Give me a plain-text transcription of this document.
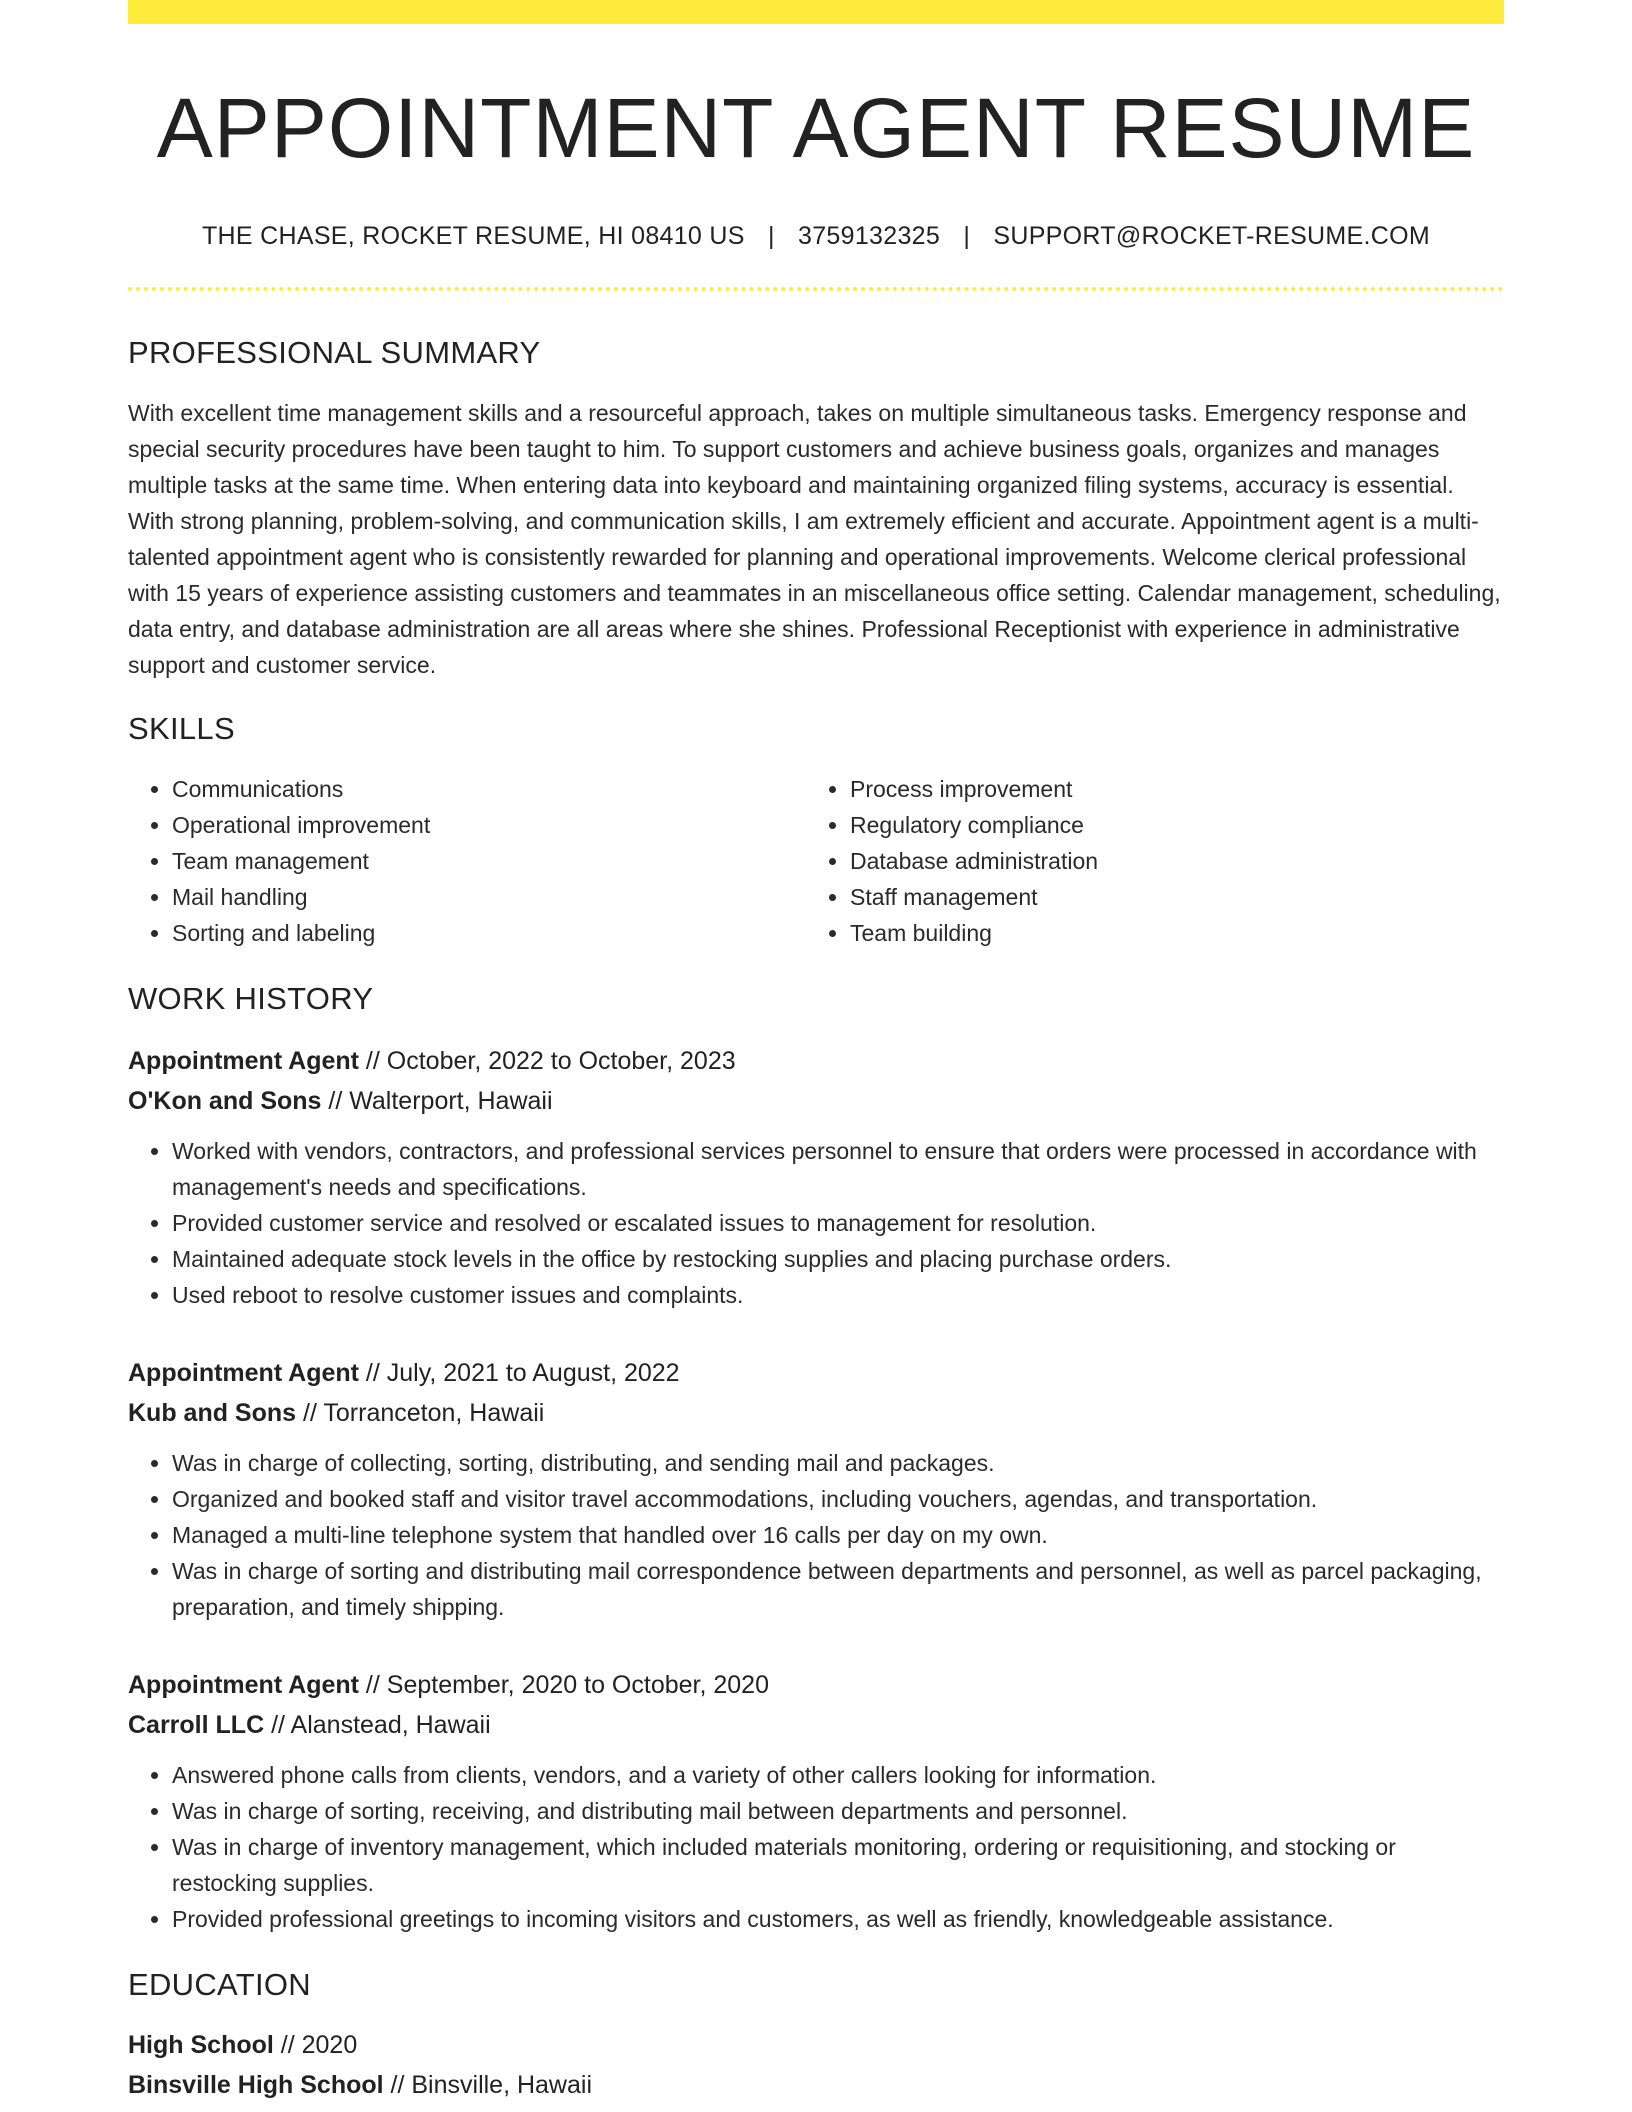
APPOINTMENT AGENT RESUME
THE CHASE, ROCKET RESUME, HI 08410 US | 3759132325 | SUPPORT@ROCKET-RESUME.COM
PROFESSIONAL SUMMARY

With excellent time management skills and a resourceful approach, takes on multiple simultaneous tasks. Emergency response and special security procedures have been taught to him. To support customers and achieve business goals, organizes and manages multiple tasks at the same time. When entering data into keyboard and maintaining organized filing systems, accuracy is essential. With strong planning, problem-solving, and communication skills, I am extremely efficient and accurate. Appointment agent is a multi-talented appointment agent who is consistently rewarded for planning and operational improvements. Welcome clerical professional with 15 years of experience assisting customers and teammates in an miscellaneous office setting. Calendar management, scheduling, data entry, and database administration are all areas where she shines. Professional Receptionist with experience in administrative support and customer service.

SKILLS
• Communications
• Operational improvement
• Team management
• Mail handling
• Sorting and labeling
• Process improvement
• Regulatory compliance
• Database administration
• Staff management
• Team building
WORK HISTORY
Appointment Agent // October, 2022 to October, 2023
O'Kon and Sons // Walterport, Hawaii
• Worked with vendors, contractors, and professional services personnel to ensure that orders were processed in accordance with management's needs and specifications.
• Provided customer service and resolved or escalated issues to management for resolution.
• Maintained adequate stock levels in the office by restocking supplies and placing purchase orders.
• Used reboot to resolve customer issues and complaints.
Appointment Agent // July, 2021 to August, 2022
Kub and Sons // Torranceton, Hawaii
• Was in charge of collecting, sorting, distributing, and sending mail and packages.
• Organized and booked staff and visitor travel accommodations, including vouchers, agendas, and transportation.
• Managed a multi-line telephone system that handled over 16 calls per day on my own.
• Was in charge of sorting and distributing mail correspondence between departments and personnel, as well as parcel packaging, preparation, and timely shipping.
Appointment Agent // September, 2020 to October, 2020
Carroll LLC // Alanstead, Hawaii
• Answered phone calls from clients, vendors, and a variety of other callers looking for information.
• Was in charge of sorting, receiving, and distributing mail between departments and personnel.
• Was in charge of inventory management, which included materials monitoring, ordering or requisitioning, and stocking or restocking supplies.
• Provided professional greetings to incoming visitors and customers, as well as friendly, knowledgeable assistance.
EDUCATION
High School // 2020
Binsville High School // Binsville, Hawaii
